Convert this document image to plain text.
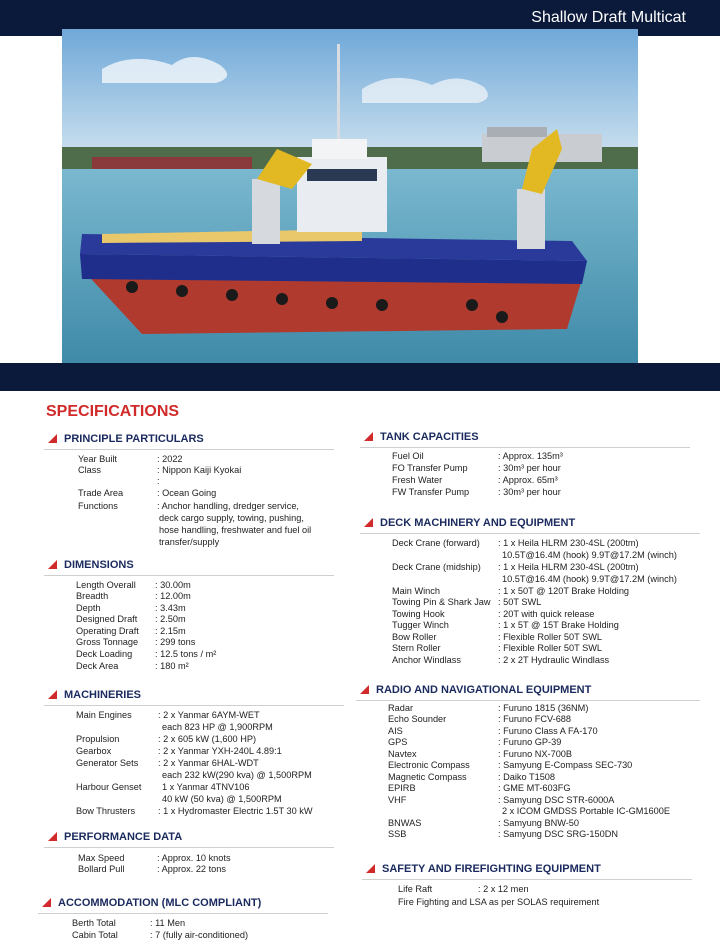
Shallow Draft Multicat
SPECIFICATIONS
PRINCIPLE PARTICULARS
Year Built	: 2022
Class	: Nippon Kaiji Kyokai
:
Trade Area	: Ocean Going
Functions	: Anchor handling, dredger service,
deck cargo supply, towing, pushing,
hose handling, freshwater and fuel oil
transfer/supply
DIMENSIONS
Length Overall : 30.00m
Breadth	: 12.00m
Depth	: 3.43m
Designed Draft : 2.50m
Operating Draft : 2.15m
Gross Tonnage : 299 tons
Deck Loading : 12.5 tons / m²
Deck Area	: 180 m²
MACHINERIES
Main Engines	: 2 x Yanmar 6AYM-WET
each 823 HP @ 1,900RPM
Propulsion	: 2 x 605 kW (1,600 HP)
Gearbox	: 2 x Yanmar YXH-240L 4.89:1
Generator Sets : 2 x Yanmar 6HAL-WDT
each 232 kW(290 kva) @ 1,500RPM
Harbour Genset 1 x Yanmar 4TNV106
40 kW (50 kva) @ 1,500RPM
Bow Thrusters : 1 x Hydromaster Electric 1.5T 30 kW
PERFORMANCE DATA
Max Speed	: Approx. 10 knots
Bollard Pull	: Approx. 22 tons
ACCOMMODATION (MLC COMPLIANT)
Berth Total	: 11 Men
Cabin Total	: 7 (fully air-conditioned)
TANK CAPACITIES
Fuel Oil	: Approx. 135m³
FO Transfer Pump	: 30m³ per hour
Fresh Water	: Approx. 65m³
FW Transfer Pump	: 30m³ per hour
DECK MACHINERY AND EQUIPMENT
Deck Crane (forward) : 1 x Heila HLRM 230-4SL (200tm)
10.5T@16.4M (hook) 9.9T@17.2M (winch)
Deck Crane (midship) : 1 x Heila HLRM 230-4SL (200tm)
10.5T@16.4M (hook) 9.9T@17.2M (winch)
Main Winch	: 1 x 50T @ 120T Brake Holding
Towing Pin & Shark Jaw : 50T SWL
Towing Hook	: 20T with quick release
Tugger Winch	: 1 x 5T @ 15T Brake Holding
Bow Roller	: Flexible Roller 50T SWL
Stern Roller	: Flexible Roller 50T SWL
Anchor Windlass	: 2 x 2T Hydraulic Windlass
RADIO AND NAVIGATIONAL EQUIPMENT
Radar	: Furuno 1815 (36NM)
Echo Sounder	: Furuno FCV-688
AIS	: Furuno Class A FA-170
GPS	: Furuno GP-39
Navtex	: Furuno NX-700B
Electronic Compass	: Samyung E-Compass SEC-730
Magnetic Compass	: Daiko T1508
EPIRB	: GME MT-603FG
VHF	: Samyung DSC STR-6000A
2 x ICOM GMDSS Portable IC-GM1600E
BNWAS	: Samyung BNW-50
SSB	: Samyung DSC SRG-150DN
SAFETY AND FIREFIGHTING EQUIPMENT
Life Raft	: 2 x 12 men
Fire Fighting and LSA as per SOLAS requirement
